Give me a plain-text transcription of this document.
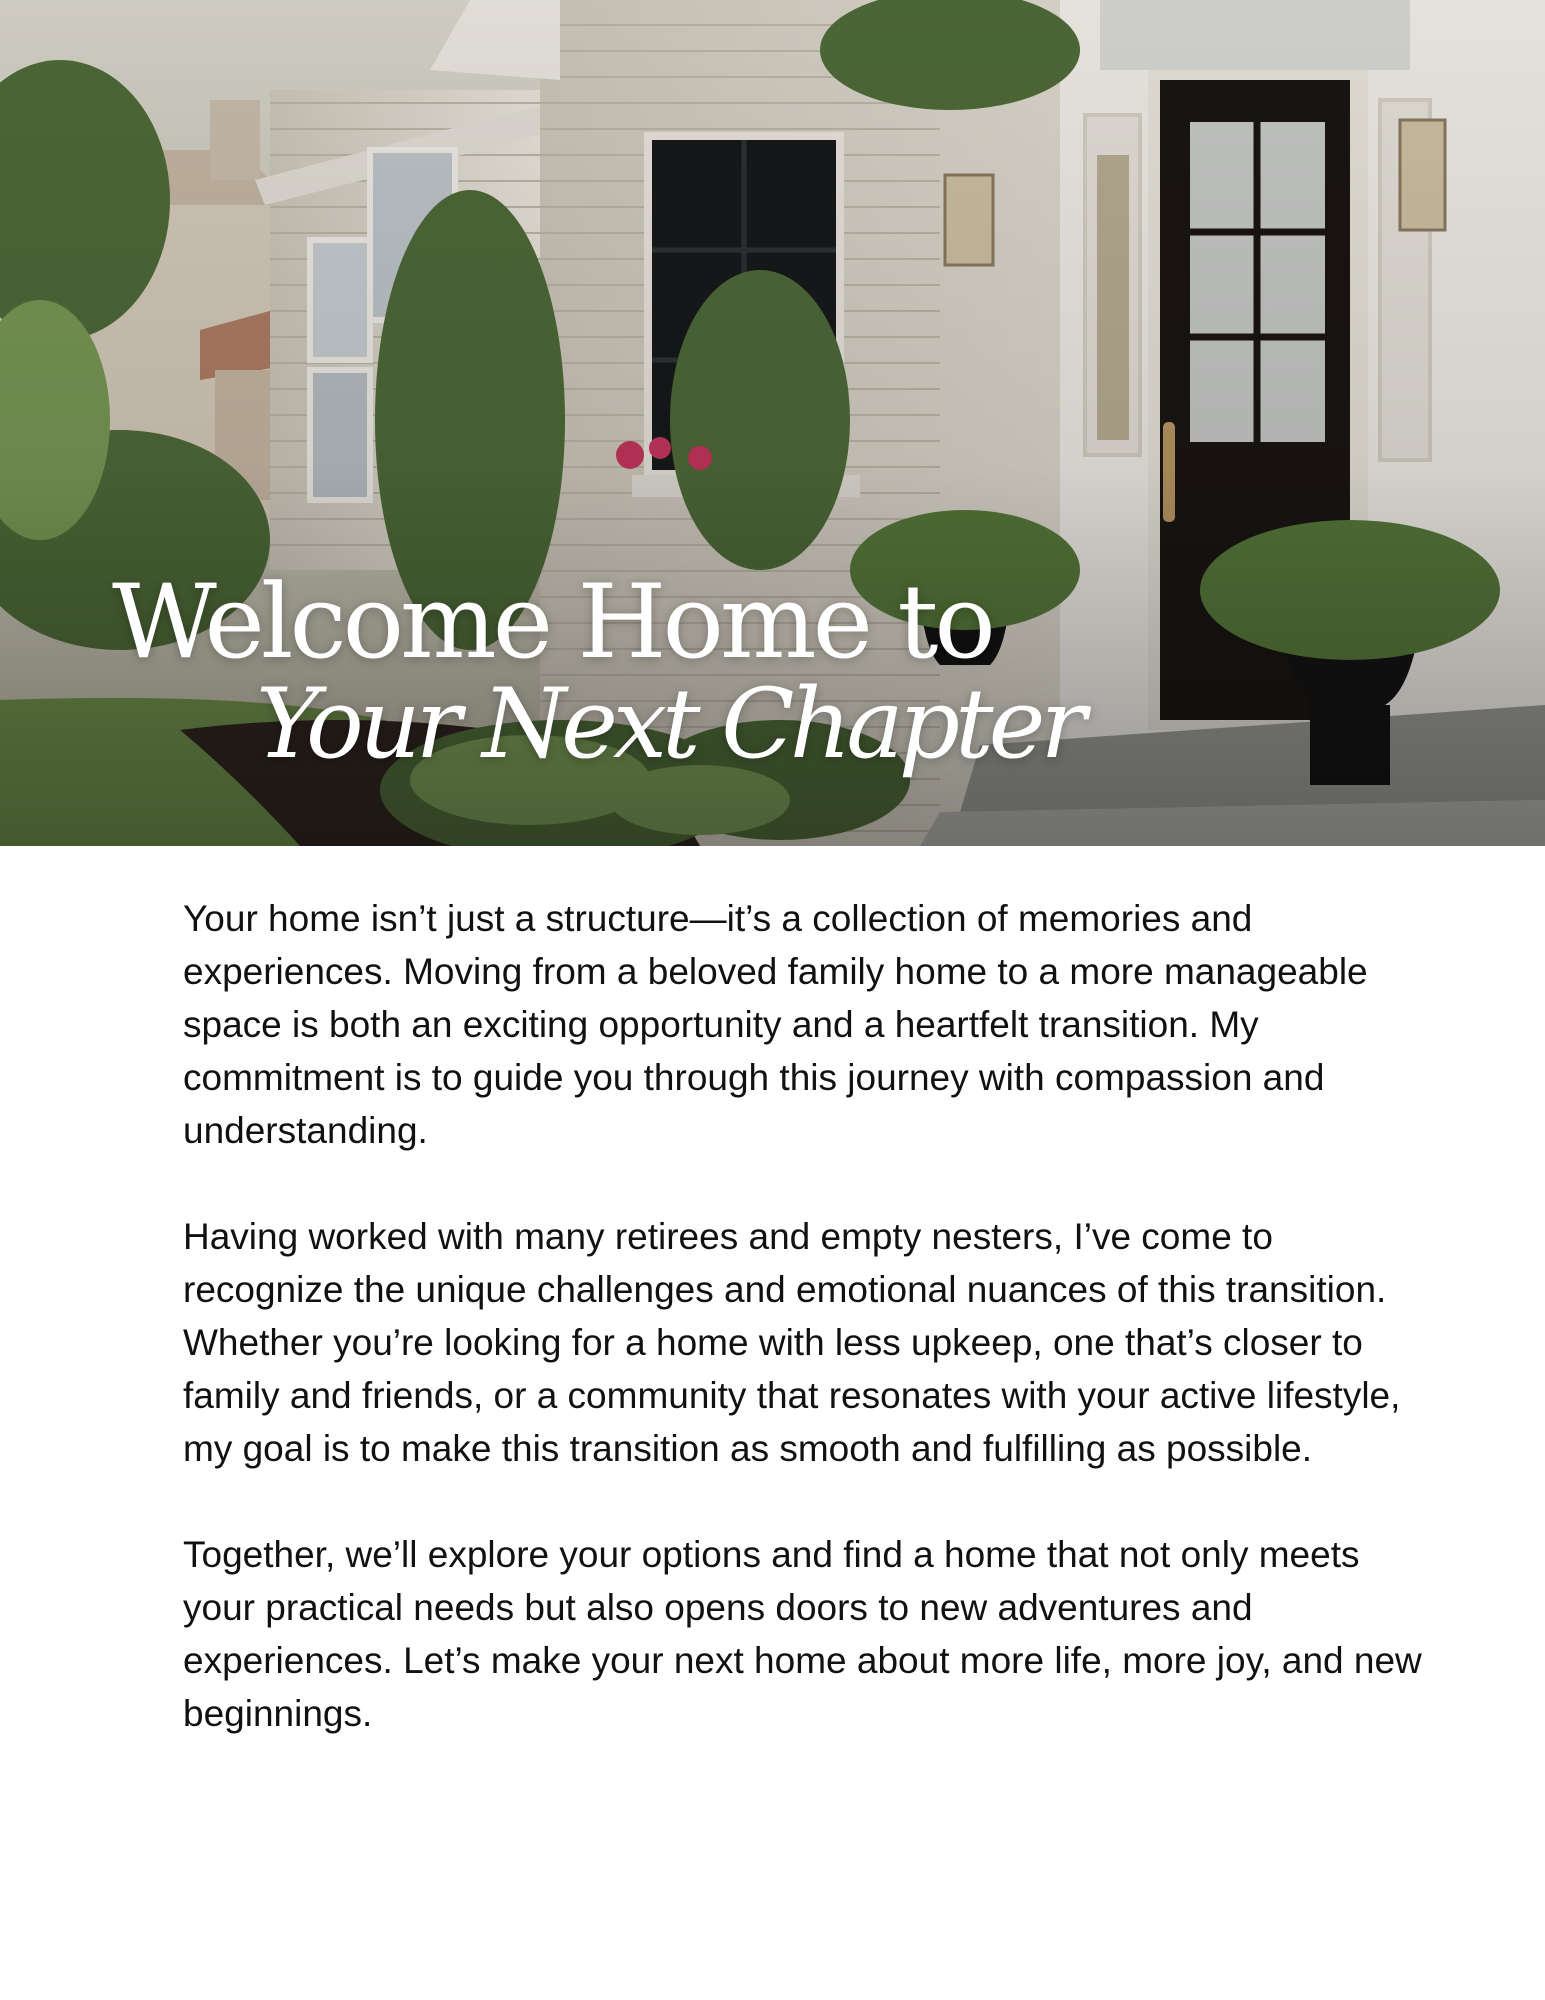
Welcome Home to
Your Next Chapter

Your home isn’t just a structure—it’s a collection of memories and experiences. Moving from a beloved family home to a more manageable space is both an exciting opportunity and a heartfelt transition. My commitment is to guide you through this journey with compassion and understanding.

Having worked with many retirees and empty nesters, I’ve come to recognize the unique challenges and emotional nuances of this transition. Whether you’re looking for a home with less upkeep, one that’s closer to family and friends, or a community that resonates with your active lifestyle, my goal is to make this transition as smooth and fulfilling as possible.

Together, we’ll explore your options and find a home that not only meets your practical needs but also opens doors to new adventures and experiences. Let’s make your next home about more life, more joy, and new beginnings.
